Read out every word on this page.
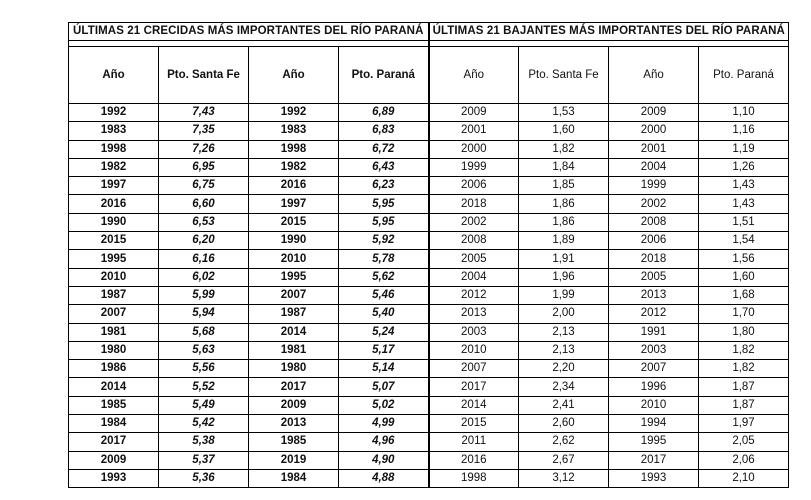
ÚLTIMAS 21 CRECIDAS MÁS IMPORTANTES DEL RÍO PARANÁ				ÚLTIMAS 21 BAJANTES MÁS IMPORTANTES DEL RÍO PARANÁ			

Año	Pto. Santa Fe	Año	Pto. Paraná	Año	Pto. Santa Fe	Año	Pto. Paraná
1992	7,43	1992	6,89	2009	1,53	2009	1,10
1983	7,35	1983	6,83	2001	1,60	2000	1,16
1998	7,26	1998	6,72	2000	1,82	2001	1,19
1982	6,95	1982	6,43	1999	1,84	2004	1,26
1997	6,75	2016	6,23	2006	1,85	1999	1,43
2016	6,60	1997	5,95	2018	1,86	2002	1,43
1990	6,53	2015	5,95	2002	1,86	2008	1,51
2015	6,20	1990	5,92	2008	1,89	2006	1,54
1995	6,16	2010	5,78	2005	1,91	2018	1,56
2010	6,02	1995	5,62	2004	1,96	2005	1,60
1987	5,99	2007	5,46	2012	1,99	2013	1,68
2007	5,94	1987	5,40	2013	2,00	2012	1,70
1981	5,68	2014	5,24	2003	2,13	1991	1,80
1980	5,63	1981	5,17	2010	2,13	2003	1,82
1986	5,56	1980	5,14	2007	2,20	2007	1,82
2014	5,52	2017	5,07	2017	2,34	1996	1,87
1985	5,49	2009	5,02	2014	2,41	2010	1,87
1984	5,42	2013	4,99	2015	2,60	1994	1,97
2017	5,38	1985	4,96	2011	2,62	1995	2,05
2009	5,37	2019	4,90	2016	2,67	2017	2,06
1993	5,36	1984	4,88	1998	3,12	1993	2,10
